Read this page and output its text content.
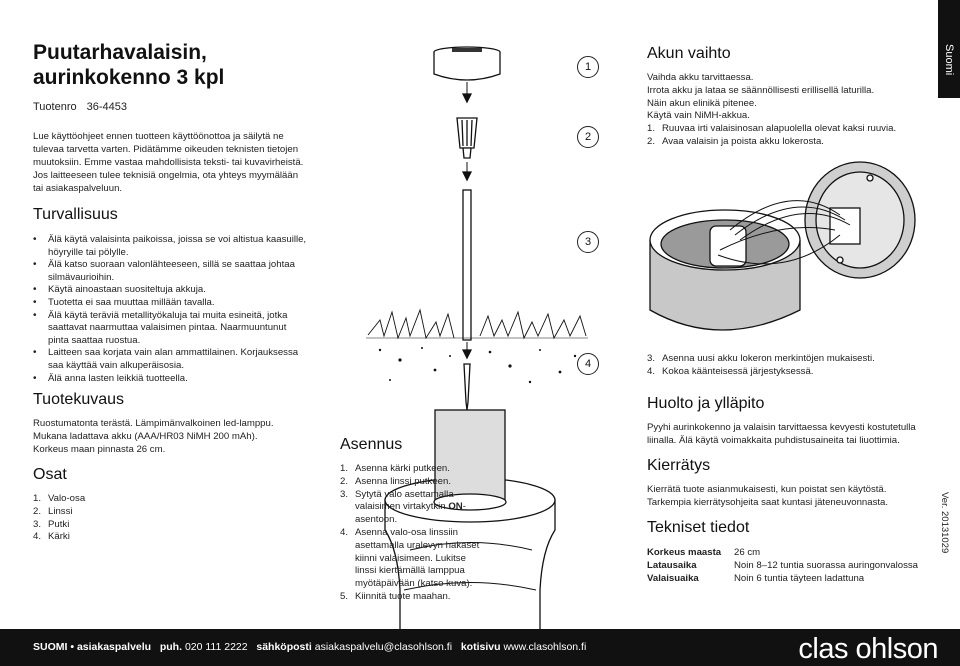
Suomi
Puutarhavalaisin,
aurinkokenno 3 kpl
Tuotenro 36-4453
Lue käyttöohjeet ennen tuotteen käyttöönottoa ja säilytä ne
tulevaa tarvetta varten. Pidätämme oikeuden teknisten tietojen
muutoksiin. Emme vastaa mahdollisista teksti- tai kuvavirheistä.
Jos laitteeseen tulee teknisiä ongelmia, ota yhteys myymälään
tai asiakaspalveluun.
Turvallisuus
• Älä käytä valaisinta paikoissa, joissa se voi altistua kaasuille, höyryille tai pölylle.
• Älä katso suoraan valonlähteeseen, sillä se saattaa johtaa silmävaurioihin.
• Käytä ainoastaan suositeltuja akkuja.
• Tuotetta ei saa muuttaa millään tavalla.
• Älä käytä teräviä metallityökaluja tai muita esineitä, jotka saattavat naarmuttaa valaisimen pintaa. Naarmuuntunut pinta saattaa ruostua.
• Laitteen saa korjata vain alan ammattilainen. Korjauksessa saa käyttää vain alkuperäisosia.
• Älä anna lasten leikkiä tuotteella.
Tuotekuvaus
Ruostumatonta terästä. Lämpimänvalkoinen led-lamppu.
Mukana ladattava akku (AAA/HR03 NiMH 200 mAh).
Korkeus maan pinnasta 26 cm.
Osat
1. Valo-osa
2. Linssi
3. Putki
4. Kärki
1
2
3
4
Asennus
1. Asenna kärki putkeen.
2. Asenna linssi putkeen.
3. Sytytä valo asettamalla valaisimen virtakytkin ON-asentoon.
4. Asenna valo-osa linssiin asettamalla uralevyn hakaset kiinni valaisimeen. Lukitse linssi kiertämällä lamppua myötäpäivään (katso kuva).
5. Kiinnitä tuote maahan.
Akun vaihto
Vaihda akku tarvittaessa.
Irrota akku ja lataa se säännöllisesti erillisellä laturilla.
Näin akun elinikä pitenee.
Käytä vain NiMH-akkua.
1. Ruuvaa irti valaisinosan alapuolella olevat kaksi ruuvia.
2. Avaa valaisin ja poista akku lokerosta.
3. Asenna uusi akku lokeron merkintöjen mukaisesti.
4. Kokoa kääntеisessä järjestyksessä.
Huolto ja ylläpito
Pyyhi aurinkokenno ja valaisin tarvittaessa kevyesti kostutetulla
liinalla. Älä käytä voimakkaita puhdistusaineita tai liuottimia.
Kierrätys
Kierrätä tuote asianmukaisesti, kun poistat sen käytöstä.
Tarkempia kierrätysohjeita saat kuntasi jäteneuvonnasta.
Tekniset tiedot
Korkeus maasta	26 cm
Latausaika	Noin 8–12 tuntia suorassa auringonvalossa
Valaisuaika	Noin 6 tuntia täyteen ladattuna
Ver. 20131029
SUOMI • asiakaspalvelu puh. 020 111 2222 sähköposti asiakaspalvelu@clasohlson.fi kotisivu www.clasohlson.fi	clas ohlson
